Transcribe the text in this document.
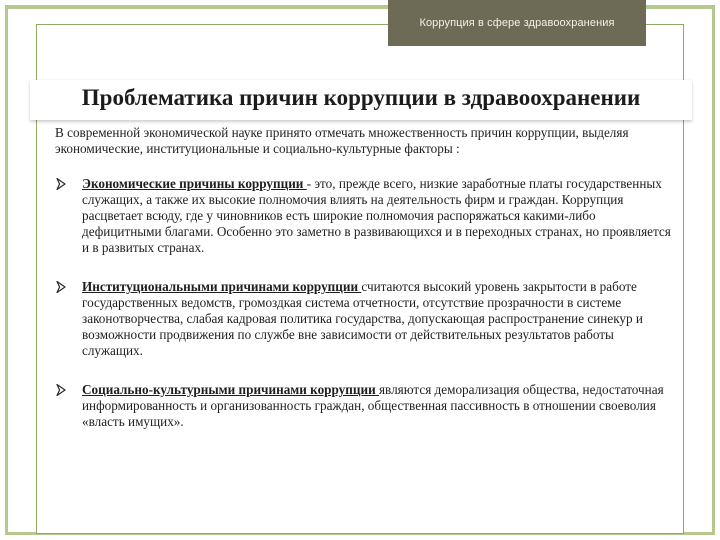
Коррупция в сфере здравоохранения
Проблематика причин коррупции в здравоохранении

В современной экономической науке принято отмечать множественность причин коррупции, выделяя экономические, институциональные и социально-культурные факторы :

Экономические причины коррупции - это, прежде всего, низкие заработные платы государственных служащих, а также их высокие полномочия влиять на деятельность фирм и граждан. Коррупция расцветает всюду, где у чиновников есть широкие полномочия распоряжаться какими-либо дефицитными благами. Особенно это заметно в развивающихся и в переходных странах, но проявляется и в развитых странах.
Институциональными причинами коррупции считаются высокий уровень закрытости в работе государственных ведомств, громоздкая система отчетности, отсутствие прозрачности в системе законотворчества, слабая кадровая политика государства, допускающая распространение синекур и возможности продвижения по службе вне зависимости от действительных результатов работы служащих.
Социально-культурными причинами коррупции являются деморализация общества, недостаточная информированность и организованность граждан, общественная пассивность в отношении своеволия «власть имущих».
